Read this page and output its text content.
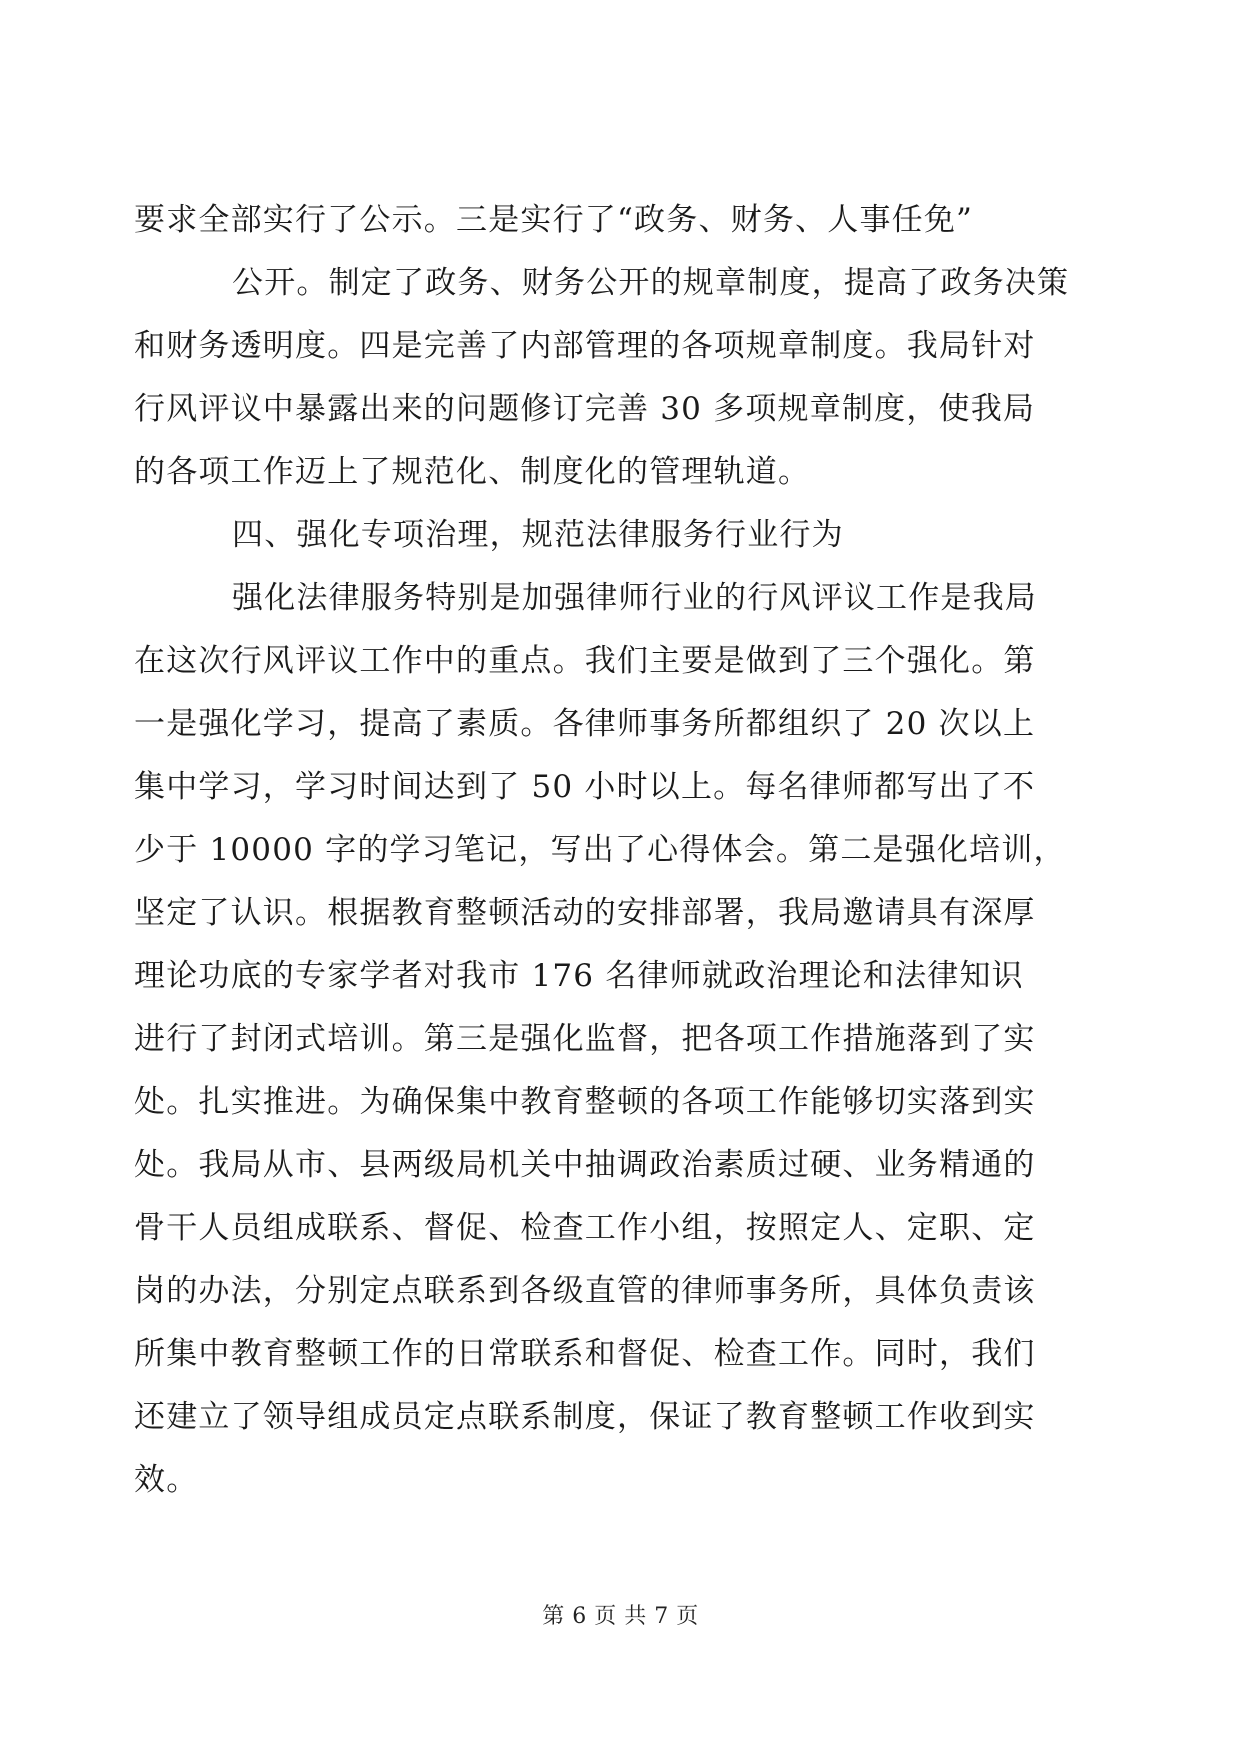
要求全部实行了公示。三是实行了“政务、财务、人事任免”
公开。制定了政务、财务公开的规章制度，提高了政务决策
和财务透明度。四是完善了内部管理的各项规章制度。我局针对
行风评议中暴露出来的问题修订完善 30 多项规章制度，使我局
的各项工作迈上了规范化、制度化的管理轨道。
四、强化专项治理，规范法律服务行业行为
强化法律服务特别是加强律师行业的行风评议工作是我局
在这次行风评议工作中的重点。我们主要是做到了三个强化。第
一是强化学习，提高了素质。各律师事务所都组织了 20 次以上
集中学习，学习时间达到了 50 小时以上。每名律师都写出了不
少于 10000 字的学习笔记，写出了心得体会。第二是强化培训，
坚定了认识。根据教育整顿活动的安排部署，我局邀请具有深厚
理论功底的专家学者对我市 176 名律师就政治理论和法律知识
进行了封闭式培训。第三是强化监督，把各项工作措施落到了实
处。扎实推进。为确保集中教育整顿的各项工作能够切实落到实
处。我局从市、县两级局机关中抽调政治素质过硬、业务精通的
骨干人员组成联系、督促、检查工作小组，按照定人、定职、定
岗的办法，分别定点联系到各级直管的律师事务所，具体负责该
所集中教育整顿工作的日常联系和督促、检查工作。同时，我们
还建立了领导组成员定点联系制度，保证了教育整顿工作收到实
效。
第 6 页 共 7 页
